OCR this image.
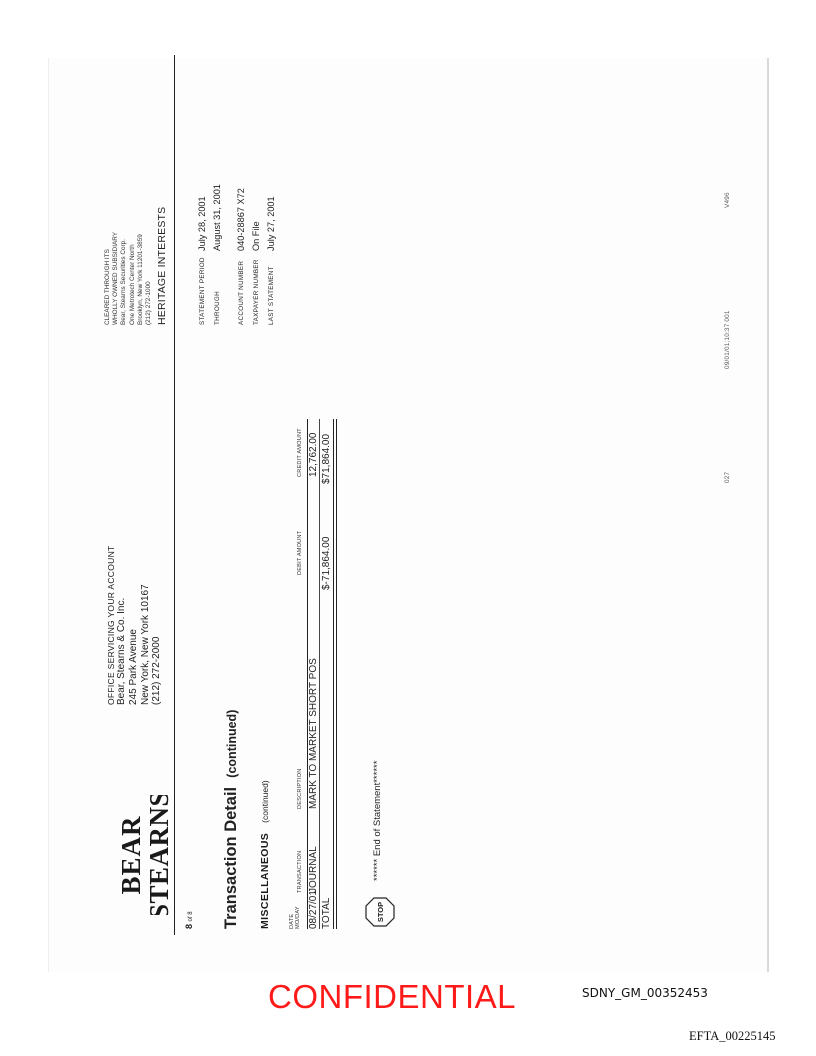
BEAR
STEARNS
OFFICE SERVICING YOUR ACCOUNT Bear, Stearns & Co. Inc. 245 Park Avenue New York, New York 10167 (212) 272-2000
CLEARED THROUGH ITS WHOLLY OWNED SUBSIDIARY Bear, Stearns Securities Corp. One Metrotech Center North Brooklyn, New York 11201-3859 (212) 272-1000 HERITAGE INTERESTS	STATEMENT PERIOD
July 28, 2001
THROUGH
August 31, 2001
ACCOUNT NUMBER
040-28867 X72
TAXPAYER NUMBER
On File
LAST STATEMENT
July 27, 2001
8 of 8 Transaction Detail  (continued)
MISCELLANEOUS   (continued)
DATE MO/DAY
TRANSACTION
DESCRIPTION
DEBIT AMOUNT
CREDIT AMOUNT
08/27/01
JOURNAL
MARK TO MARKET SHORT POS
12,762.00
TOTAL
$-71,864.00
$71,864.00
STOP
****** End of Statement******
027
09/01/01;10:37 001
V496
CONFIDENTIAL	SDNY_GM_00352453
EFTA_00225145
